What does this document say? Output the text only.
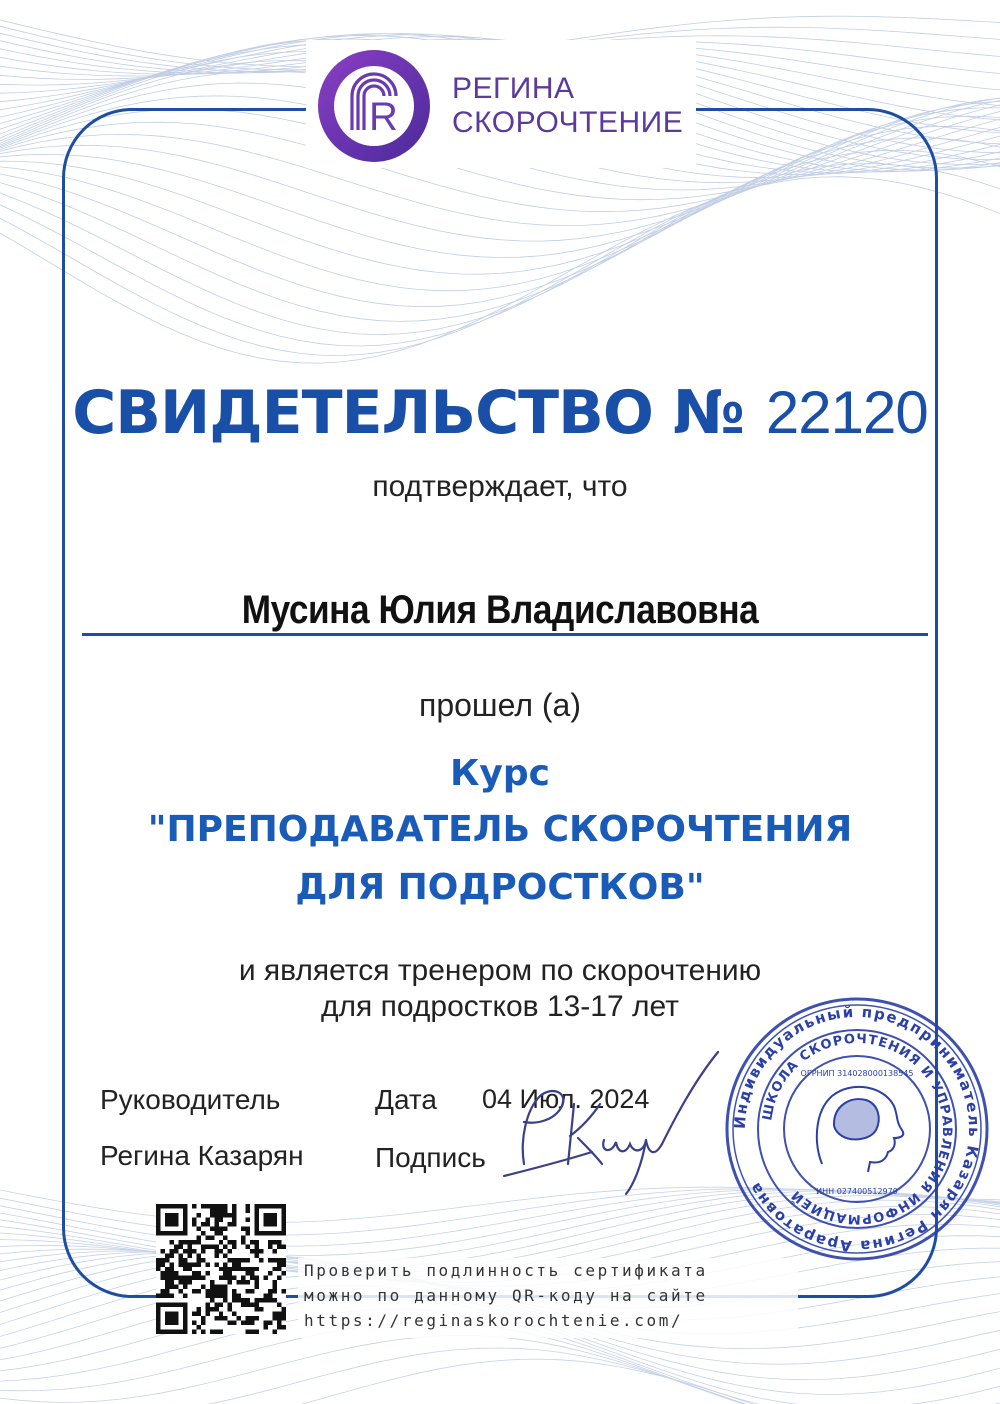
R
РЕГИНА
СКОРОЧТЕНИЕ
СВИДЕТЕЛЬСТВО № 22120
подтверждает, что
Мусина Юлия Владиславовна
прошел (а)
Курс
"ПРЕПОДАВАТЕЛЬ СКОРОЧТЕНИЯ
ДЛЯ ПОДРОСТКОВ"
и является тренером по скорочтению
для подростков 13-17 лет
Руководитель
Регина Казарян
Дата 04 Июл. 2024
Подпись
Индивидуальный предприниматель Казарян Регина Араратовна
ШКОЛА СКОРОЧТЕНИЯ И УПРАВЛЕНИЯ ИНФОРМАЦИЕЙ
ОГРНИП 314028000138545
ИНН 027400512979
Проверить подлинность сертификата
можно по данному QR-коду на сайте
https://reginaskorochtenie.com/
